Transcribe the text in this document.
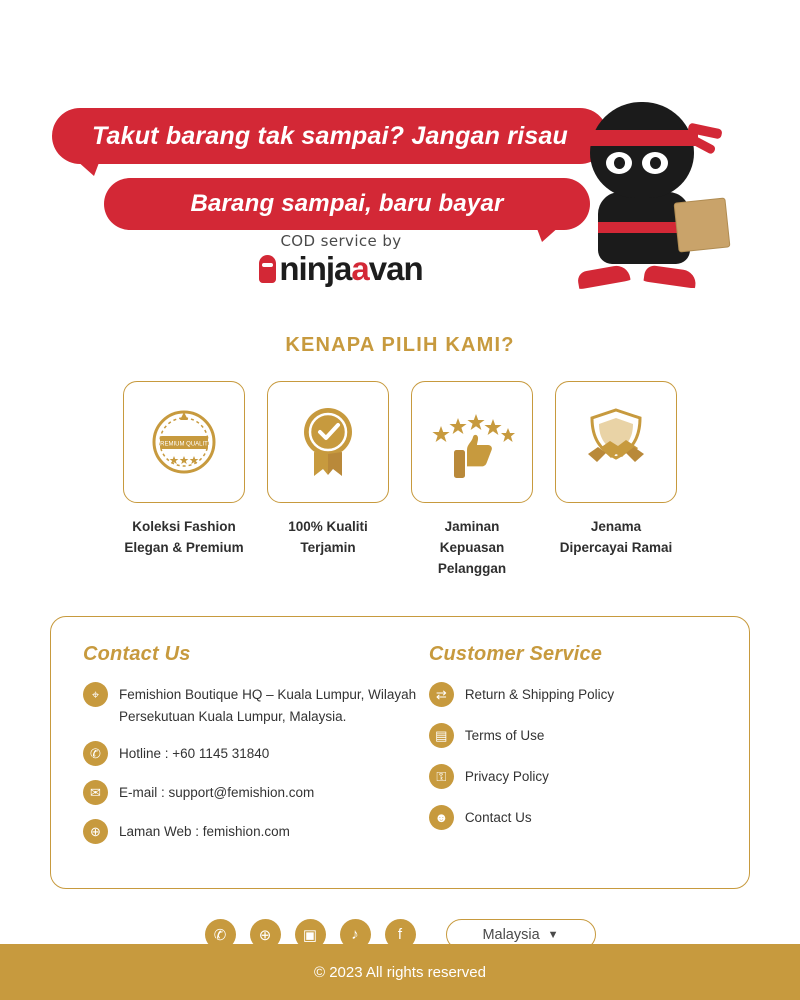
Takut barang tak sampai? Jangan risau
Barang sampai, baru bayar
COD service by
ninja a van
KENAPA PILIH KAMI?
PREMIUM QUALITY
Koleksi Fashion
Elegan & Premium
100% Kualiti
Terjamin
Jaminan Kepuasan
Pelanggan
Jenama
Dipercayai Ramai
Contact Us
⌖	Femishion Boutique HQ – Kuala Lumpur, Wilayah Persekutuan Kuala Lumpur, Malaysia.
✆	Hotline : +60 1145 31840
✉	E-mail : support@femishion.com
⊕	Laman Web : femishion.com
Customer Service
⇄	Return & Shipping Policy
▤	Terms of Use
⚿	Privacy Policy
☻	Contact Us
✆	⊕	▣	♪	f	Malaysia ▼
© 2023 All rights reserved
